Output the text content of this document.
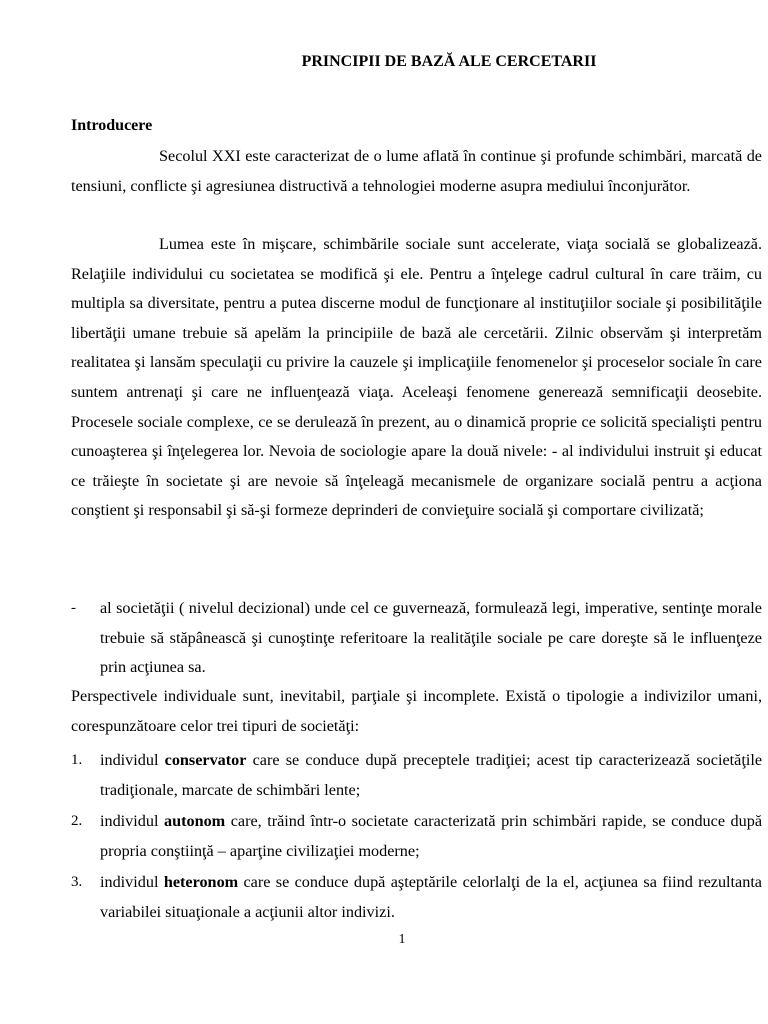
PRINCIPII DE BAZĂ ALE CERCETARII
Introducere
Secolul XXI este caracterizat de o lume aflată în continue şi profunde schimbări, marcată de tensiuni, conflicte şi agresiunea distructivă a tehnologiei moderne asupra mediului înconjurător.
Lumea este în mişcare, schimbările sociale sunt accelerate, viaţa socială se globalizează. Relaţiile individului cu societatea se modifică şi ele. Pentru a înţelege cadrul cultural în care trăim, cu multipla sa diversitate, pentru a putea discerne modul de funcţionare al instituţiilor sociale şi posibilităţile libertăţii umane trebuie să apelăm la principiile de bază ale cercetării. Zilnic observăm şi interpretăm realitatea şi lansăm speculaţii cu privire la cauzele şi implicaţiile fenomenelor şi proceselor sociale în care suntem antrenaţi şi care ne influenţează viaţa. Aceleaşi fenomene generează semnificaţii deosebite. Procesele sociale complexe, ce se derulează în prezent, au o dinamică proprie ce solicită specialişti pentru cunoaşterea şi înţelegerea lor. Nevoia de sociologie apare la două nivele: - al individului instruit şi educat ce trăieşte în societate şi are nevoie să înţeleagă mecanismele de organizare socială pentru a acţiona conştient şi responsabil şi să-şi formeze deprinderi de convieţuire socială şi comportare civilizată;
-	al societăţii ( nivelul decizional) unde cel ce guvernează, formulează legi, imperative, sentinţe morale trebuie să stăpânească şi cunoştinţe referitoare la realităţile sociale pe care doreşte să le influenţeze prin acţiunea sa.
Perspectivele individuale sunt, inevitabil, parţiale şi incomplete. Există o tipologie a indivizilor umani, corespunzătoare celor trei tipuri de societăţi:
1.	individul conservator care se conduce după preceptele tradiţiei; acest tip caracterizează societăţile tradiţionale, marcate de schimbări lente;
2.	individul autonom care, trăind într-o societate caracterizată prin schimbări rapide, se conduce după propria conştiinţă – aparţine civilizaţiei moderne;
3.	individul heteronom care se conduce după aşteptările celorlalţi de la el, acţiunea sa fiind rezultanta variabilei situaţionale a acţiunii altor indivizi.
1
